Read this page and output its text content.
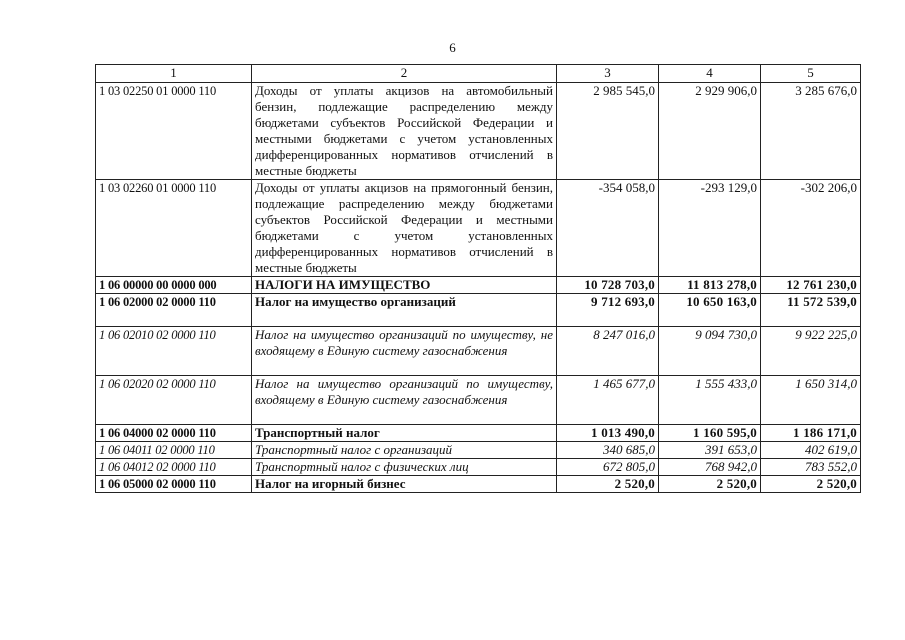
6
1	2	3	4	5
1 03 02250 01 0000 110	Доходы от уплаты акцизов на автомобильный бензин, подлежащие распределению между бюджетами субъектов Российской Федерации и местными бюджетами с учетом установленных дифференцированных нормативов отчислений в местные бюджеты	2 985 545,0	2 929 906,0	3 285 676,0
1 03 02260 01 0000 110	Доходы от уплаты акцизов на прямогонный бензин, подлежащие распределению между бюджетами субъектов Российской Федерации и местными бюджетами с учетом установленных дифференцированных нормативов отчислений в местные бюджеты	-354 058,0	-293 129,0	-302 206,0
1 06 00000 00 0000 000	НАЛОГИ НА ИМУЩЕСТВО	10 728 703,0	11 813 278,0	12 761 230,0
1 06 02000 02 0000 110	Налог на имущество организаций	9 712 693,0	10 650 163,0	11 572 539,0
1 06 02010 02 0000 110	Налог на имущество организаций по имуществу, не входящему в Единую систему газоснабжения	8 247 016,0	9 094 730,0	9 922 225,0
1 06 02020 02 0000 110	Налог на имущество организаций по имуществу, входящему в Единую систему газоснабжения	1 465 677,0	1 555 433,0	1 650 314,0
1 06 04000 02 0000 110	Транспортный налог	1 013 490,0	1 160 595,0	1 186 171,0
1 06 04011 02 0000 110	Транспортный налог с организаций	340 685,0	391 653,0	402 619,0
1 06 04012 02 0000 110	Транспортный налог с физических лиц	672 805,0	768 942,0	783 552,0
1 06 05000 02 0000 110	Налог на игорный бизнес	2 520,0	2 520,0	2 520,0
